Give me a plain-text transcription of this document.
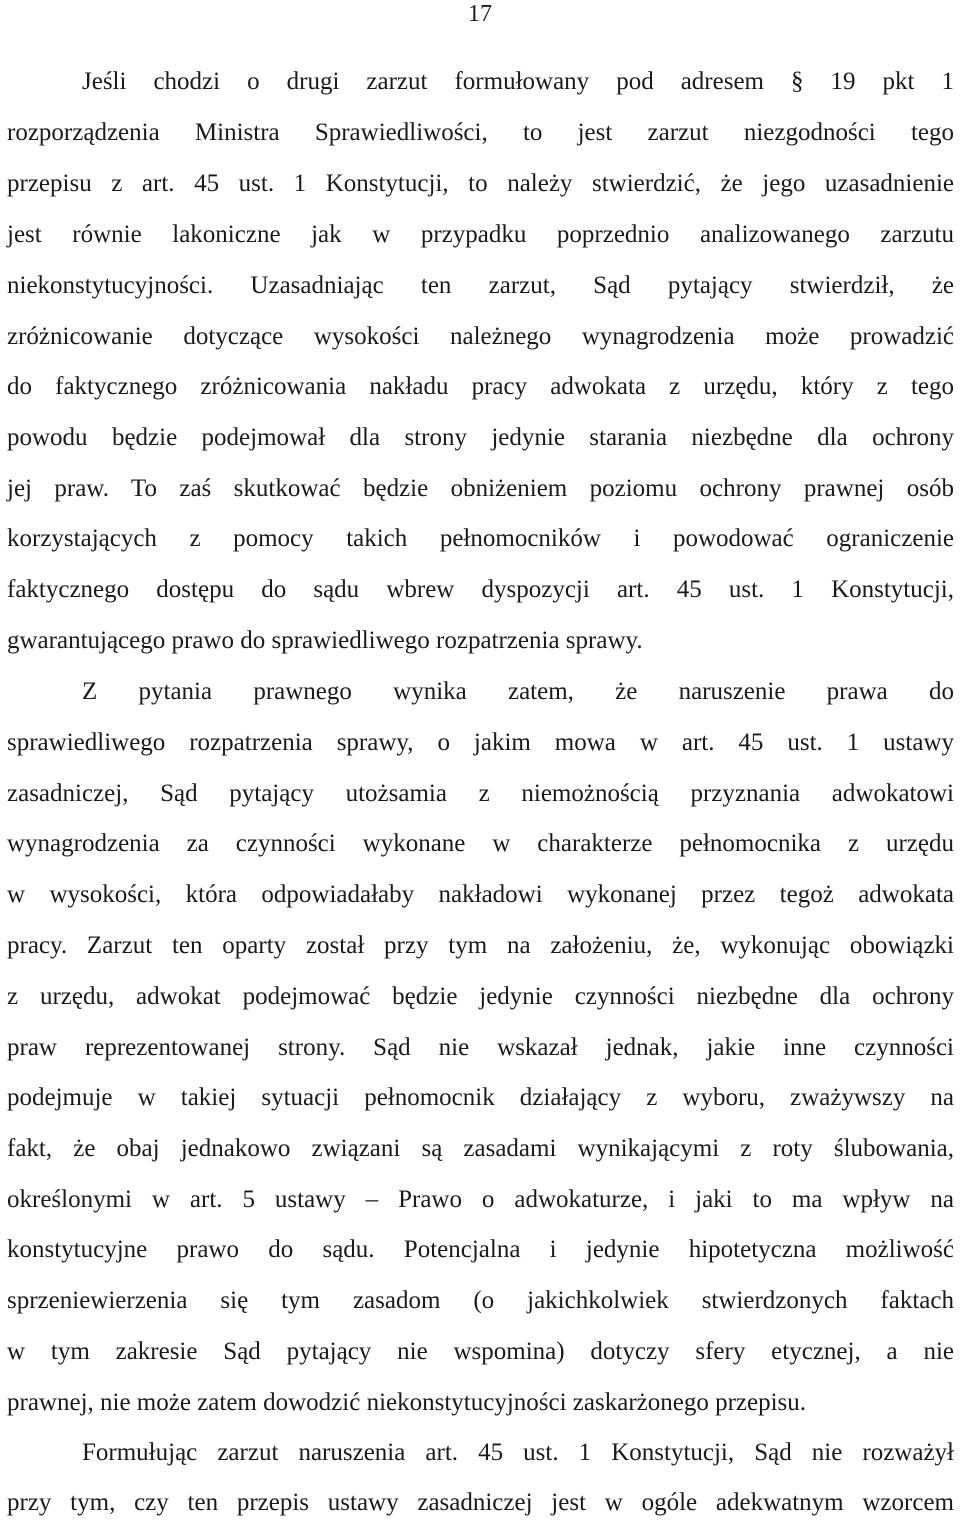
17
Jeśli chodzi o drugi zarzut formułowany pod adresem § 19 pkt 1
rozporządzenia Ministra Sprawiedliwości, to jest zarzut niezgodności tego
przepisu z art. 45 ust. 1 Konstytucji, to należy stwierdzić, że jego uzasadnienie
jest równie lakoniczne jak w przypadku poprzednio analizowanego zarzutu
niekonstytucyjności. Uzasadniając ten zarzut, Sąd pytający stwierdził, że
zróżnicowanie dotyczące wysokości należnego wynagrodzenia może prowadzić
do faktycznego zróżnicowania nakładu pracy adwokata z urzędu, który z tego
powodu będzie podejmował dla strony jedynie starania niezbędne dla ochrony
jej praw. To zaś skutkować będzie obniżeniem poziomu ochrony prawnej osób
korzystających z pomocy takich pełnomocników i powodować ograniczenie
faktycznego dostępu do sądu wbrew dyspozycji art. 45 ust. 1 Konstytucji,
gwarantującego prawo do sprawiedliwego rozpatrzenia sprawy.
Z pytania prawnego wynika zatem, że naruszenie prawa do
sprawiedliwego rozpatrzenia sprawy, o jakim mowa w art. 45 ust. 1 ustawy
zasadniczej, Sąd pytający utożsamia z niemożnością przyznania adwokatowi
wynagrodzenia za czynności wykonane w charakterze pełnomocnika z urzędu
w wysokości, która odpowiadałaby nakładowi wykonanej przez tegoż adwokata
pracy. Zarzut ten oparty został przy tym na założeniu, że, wykonując obowiązki
z urzędu, adwokat podejmować będzie jedynie czynności niezbędne dla ochrony
praw reprezentowanej strony. Sąd nie wskazał jednak, jakie inne czynności
podejmuje w takiej sytuacji pełnomocnik działający z wyboru, zważywszy na
fakt, że obaj jednakowo związani są zasadami wynikającymi z roty ślubowania,
określonymi w art. 5 ustawy – Prawo o adwokaturze, i jaki to ma wpływ na
konstytucyjne prawo do sądu. Potencjalna i jedynie hipotetyczna możliwość
sprzeniewierzenia się tym zasadom (o jakichkolwiek stwierdzonych faktach
w tym zakresie Sąd pytający nie wspomina) dotyczy sfery etycznej, a nie
prawnej, nie może zatem dowodzić niekonstytucyjności zaskarżonego przepisu.
Formułując zarzut naruszenia art. 45 ust. 1 Konstytucji, Sąd nie rozważył
przy tym, czy ten przepis ustawy zasadniczej jest w ogóle adekwatnym wzorcem
